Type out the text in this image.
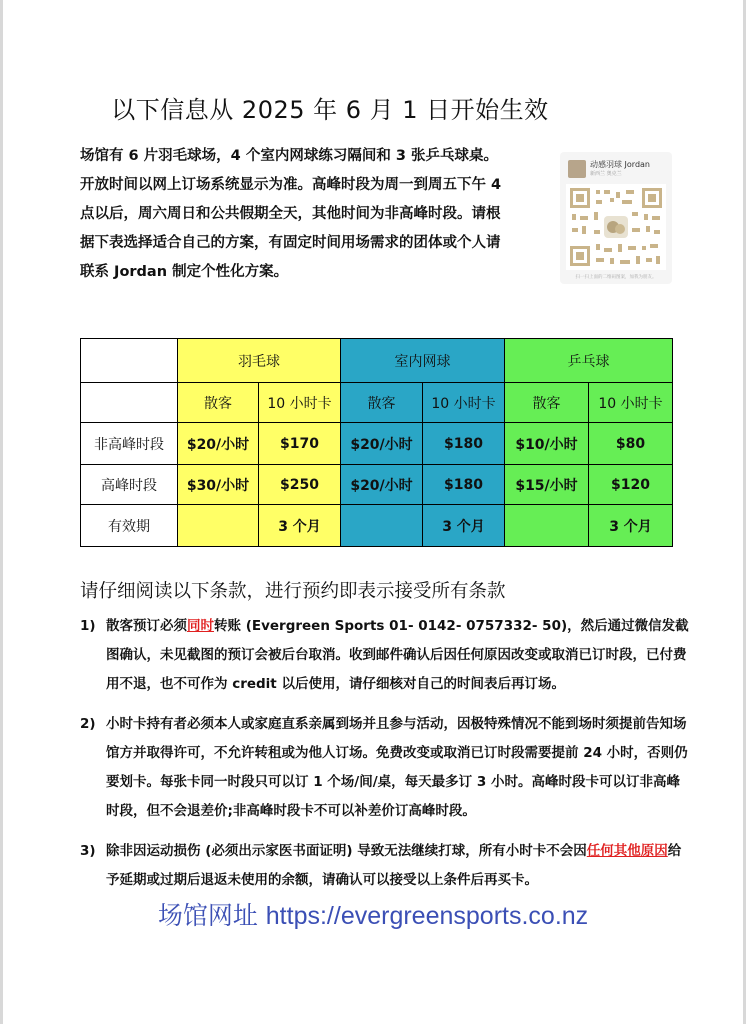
以下信息从 2025 年 6 月 1 日开始生效
场馆有 6 片羽毛球场，4 个室内网球练习隔间和 3 张乒乓球桌。开放时间以网上订场系统显示为准。高峰时段为周一到周五下午 4 点以后，周六周日和公共假期全天，其他时间为非高峰时段。请根据下表选择适合自己的方案，有固定时间用场需求的团体或个人请联系 Jordan 制定个性化方案。
动感羽球 Jordan
新西兰 奥克兰
扫一扫上面的二维码图案，加我为朋友。
	羽毛球		室内网球		乒乓球	
	散客	10 小时卡	散客	10 小时卡	散客	10 小时卡
非高峰时段	$20/小时	$170	$20/小时	$180	$10/小时	$80
高峰时段	$30/小时	$250	$20/小时	$180	$15/小时	$120
有效期		3 个月		3 个月		3 个月
请仔细阅读以下条款，进行预约即表示接受所有条款
1) 散客预订必须同时转账 (Evergreen Sports 01- 0142- 0757332- 50)，然后通过微信发截图确认，未见截图的预订会被后台取消。收到邮件确认后因任何原因改变或取消已订时段，已付费用不退，也不可作为 credit 以后使用，请仔细核对自己的时间表后再订场。
2) 小时卡持有者必须本人或家庭直系亲属到场并且参与活动，因极特殊情况不能到场时须提前告知场馆方并取得许可，不允许转租或为他人订场。免费改变或取消已订时段需要提前 24 小时，否则仍要划卡。每张卡同一时段只可以订 1 个场/间/桌，每天最多订 3 小时。高峰时段卡可以订非高峰时段，但不会退差价;非高峰时段卡不可以补差价订高峰时段。
3) 除非因运动损伤 (必须出示家医书面证明) 导致无法继续打球，所有小时卡不会因任何其他原因给予延期或过期后退返未使用的余额，请确认可以接受以上条件后再买卡。
场馆网址 https://evergreensports.co.nz
